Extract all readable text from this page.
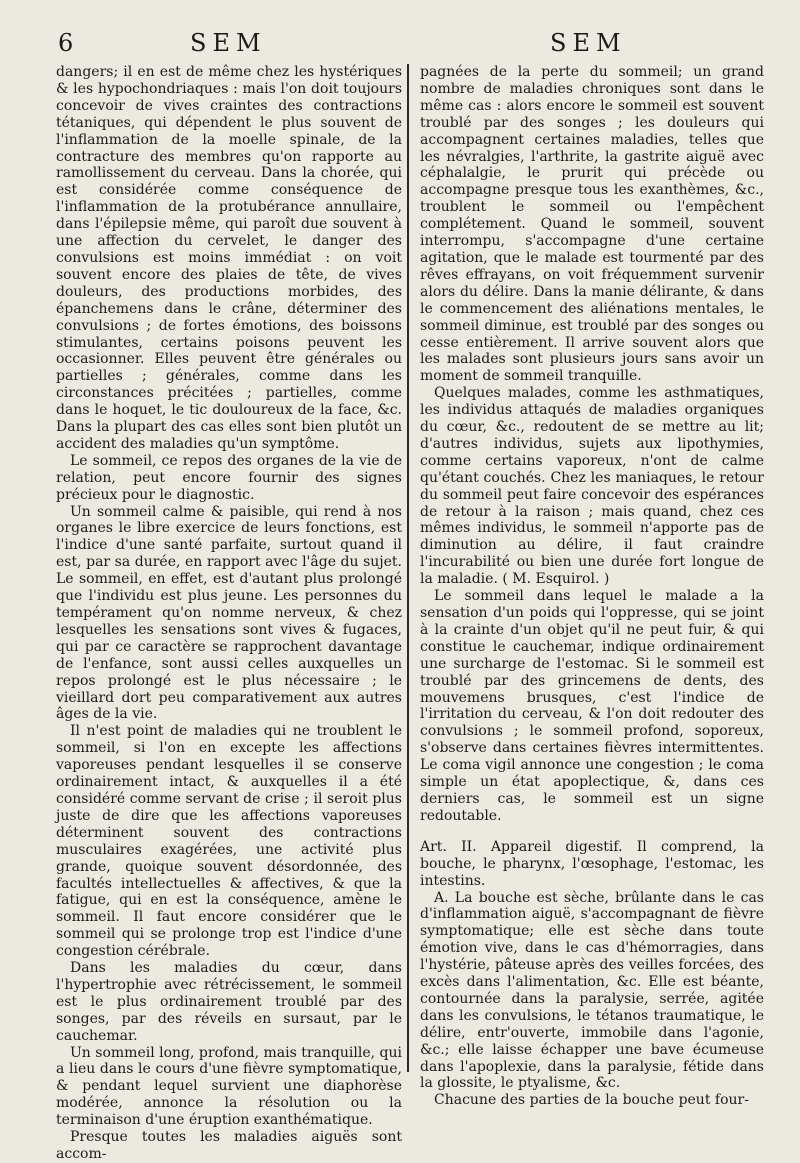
6	SEM	SEM

dangers; il en est de même chez les hystériques & les hypochondriaques : mais l'on doit toujours concevoir de vives craintes des contractions tétaniques, qui dépendent le plus souvent de l'inflammation de la moelle spinale, de la contracture des membres qu'on rapporte au ramollissement du cerveau. Dans la chorée, qui est considérée comme conséquence de l'inflammation de la protubérance annullaire, dans l'épilepsie même, qui paroît due souvent à une affection du cervelet, le danger des convulsions est moins immédiat : on voit souvent encore des plaies de tête, de vives douleurs, des productions morbides, des épanchemens dans le crâne, déterminer des convulsions ; de fortes émotions, des boissons stimulantes, certains poisons peuvent les occasionner. Elles peuvent être générales ou partielles ; générales, comme dans les circonstances précitées ; partielles, comme dans le hoquet, le tic douloureux de la face, &c. Dans la plupart des cas elles sont bien plutôt un accident des maladies qu'un symptôme.

Le sommeil, ce repos des organes de la vie de relation, peut encore fournir des signes précieux pour le diagnostic.

Un sommeil calme & paisible, qui rend à nos organes le libre exercice de leurs fonctions, est l'indice d'une santé parfaite, surtout quand il est, par sa durée, en rapport avec l'âge du sujet. Le sommeil, en effet, est d'autant plus prolongé que l'individu est plus jeune. Les personnes du tempérament qu'on nomme nerveux, & chez lesquelles les sensations sont vives & fugaces, qui par ce caractère se rapprochent davantage de l'enfance, sont aussi celles auxquelles un repos prolongé est le plus nécessaire ; le vieillard dort peu comparativement aux autres âges de la vie.

Il n'est point de maladies qui ne troublent le sommeil, si l'on en excepte les affections vaporeuses pendant lesquelles il se conserve ordinairement intact, & auxquelles il a été considéré comme servant de crise ; il seroit plus juste de dire que les affections vaporeuses déterminent souvent des contractions musculaires exagérées, une activité plus grande, quoique souvent désordonnée, des facultés intellectuelles & affectives, & que la fatigue, qui en est la conséquence, amène le sommeil. Il faut encore considérer que le sommeil qui se prolonge trop est l'indice d'une congestion cérébrale.

Dans les maladies du cœur, dans l'hypertrophie avec rétrécissement, le sommeil est le plus ordinairement troublé par des songes, par des réveils en sursaut, par le cauchemar.

Un sommeil long, profond, mais tranquille, qui a lieu dans le cours d'une fièvre symptomatique, & pendant lequel survient une diaphorèse modérée, annonce la résolution ou la terminaison d'une éruption exanthématique.

Presque toutes les maladies aiguës sont accom-

pagnées de la perte du sommeil; un grand nombre de maladies chroniques sont dans le même cas : alors encore le sommeil est souvent troublé par des songes ; les douleurs qui accompagnent certaines maladies, telles que les névralgies, l'arthrite, la gastrite aiguë avec céphalalgie, le prurit qui précède ou accompagne presque tous les exanthèmes, &c., troublent le sommeil ou l'empêchent complétement. Quand le sommeil, souvent interrompu, s'accompagne d'une certaine agitation, que le malade est tourmenté par des rêves effrayans, on voit fréquemment survenir alors du délire. Dans la manie délirante, & dans le commencement des aliénations mentales, le sommeil diminue, est troublé par des songes ou cesse entièrement. Il arrive souvent alors que les malades sont plusieurs jours sans avoir un moment de sommeil tranquille.

Quelques malades, comme les asthmatiques, les individus attaqués de maladies organiques du cœur, &c., redoutent de se mettre au lit; d'autres individus, sujets aux lipothymies, comme certains vaporeux, n'ont de calme qu'étant couchés. Chez les maniaques, le retour du sommeil peut faire concevoir des espérances de retour à la raison ; mais quand, chez ces mêmes individus, le sommeil n'apporte pas de diminution au délire, il faut craindre l'incurabilité ou bien une durée fort longue de la maladie. ( M. Esquirol. )

Le sommeil dans lequel le malade a la sensation d'un poids qui l'oppresse, qui se joint à la crainte d'un objet qu'il ne peut fuir, & qui constitue le cauchemar, indique ordinairement une surcharge de l'estomac. Si le sommeil est troublé par des grincemens de dents, des mouvemens brusques, c'est l'indice de l'irritation du cerveau, & l'on doit redouter des convulsions ; le sommeil profond, soporeux, s'observe dans certaines fièvres intermittentes. Le coma vigil annonce une congestion ; le coma simple un état apoplectique, &, dans ces derniers cas, le sommeil est un signe redoutable.

Art. II. Appareil digestif. Il comprend, la bouche, le pharynx, l'œsophage, l'estomac, les intestins.

A. La bouche est sèche, brûlante dans le cas d'inflammation aiguë, s'accompagnant de fièvre symptomatique; elle est sèche dans toute émotion vive, dans le cas d'hémorragies, dans l'hystérie, pâteuse après des veilles forcées, des excès dans l'alimentation, &c. Elle est béante, contournée dans la paralysie, serrée, agitée dans les convulsions, le tétanos traumatique, le délire, entr'ouverte, immobile dans l'agonie, &c.; elle laisse échapper une bave écumeuse dans l'apoplexie, dans la paralysie, fétide dans la glossite, le ptyalisme, &c.

Chacune des parties de la bouche peut four-
